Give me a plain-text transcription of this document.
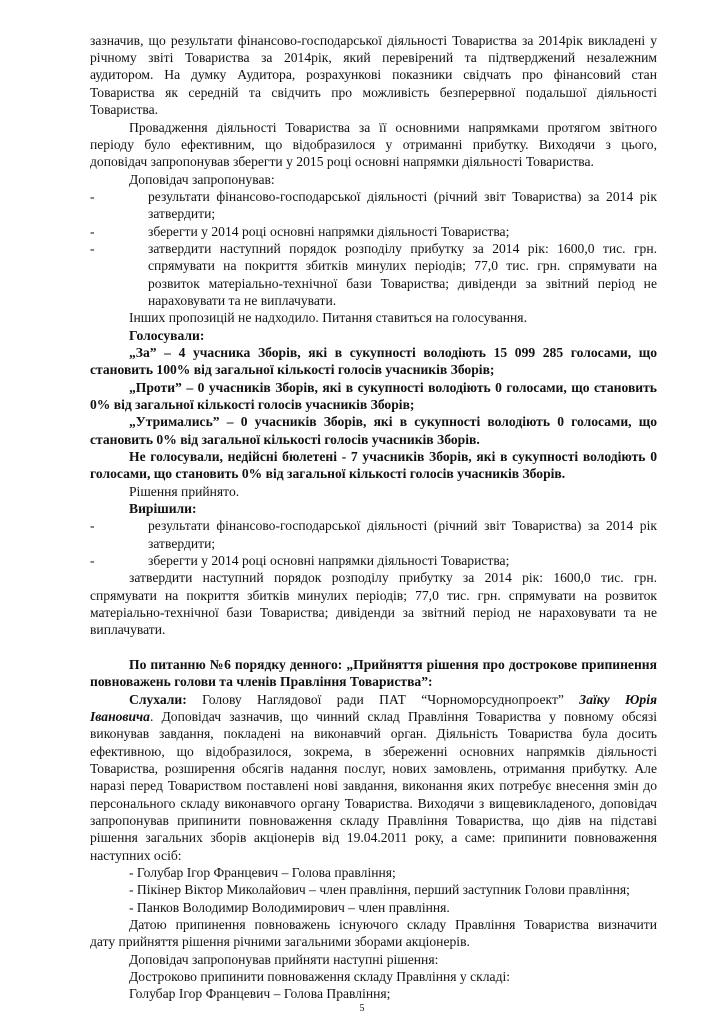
зазначив, що результати фінансово-господарської діяльності Товариства за 2014рік викладені у

річному звіті Товариства за 2014рік, який перевірений та підтверджений незалежним

аудитором. На думку Аудитора, розрахункові показники свідчать про фінансовий стан

Товариства як середній та свідчить про можливість безперервної подальшої діяльності

Товариства.

Провадження діяльності Товариства за її основними напрямками протягом звітного

періоду було ефективним, що відобразилося у отриманні прибутку. Виходячи з цього,

доповідач запропонував зберегти у 2015 році основні напрямки діяльності Товариства.

Доповідач запропонував:

-	результати фінансово-господарської діяльності (річний звіт Товариства) за 2014 рік

затвердити;

-	зберегти у 2014 році основні напрямки діяльності Товариства;

-	затвердити наступний порядок розподілу прибутку за 2014 рік: 1600,0 тис. грн.

спрямувати на покриття збитків минулих періодів; 77,0 тис. грн. спрямувати на

розвиток матеріально-технічної бази Товариства; дивіденди за звітний період не

нараховувати та не виплачувати.

Інших пропозицій не надходило. Питання ставиться на голосування.

Голосували:

„За” – 4 учасника Зборів, які в сукупності володіють 15 099 285 голосами, що

становить 100% від загальної кількості голосів учасників Зборів;

„Проти” – 0 учасників Зборів, які в сукупності володіють 0 голосами, що становить

0% від загальної кількості голосів учасників Зборів;

„Утримались” – 0 учасників Зборів, які в сукупності володіють 0 голосами, що

становить 0% від загальної кількості голосів учасників Зборів.

Не голосували, недійсні бюлетені - 7 учасників Зборів, які в сукупності володіють 0

голосами, що становить 0% від загальної кількості голосів учасників Зборів.

Рішення прийнято.

Вирішили:

-	результати фінансово-господарської діяльності (річний звіт Товариства) за 2014 рік

затвердити;

-	зберегти у 2014 році основні напрямки діяльності Товариства;

затвердити наступний порядок розподілу прибутку за 2014 рік: 1600,0 тис. грн.

спрямувати на покриття збитків минулих періодів; 77,0 тис. грн. спрямувати на розвиток

матеріально-технічної бази Товариства; дивіденди за звітний період не нараховувати та не

виплачувати.

По питанню №6 порядку денного: „Прийняття рішення про дострокове припинення

повноважень голови та членів Правління Товариства”:

Слухали: Голову Наглядової ради ПАТ “Чорноморсуднопроект” Заїку Юрія

Івановича. Доповідач зазначив, що чинний склад Правління Товариства у повному обсязі

виконував завдання, покладені на виконавчий орган. Діяльність Товариства була досить

ефективною, що відобразилося, зокрема, в збереженні основних напрямків діяльності

Товариства, розширення обсягів надання послуг, нових замовлень, отримання прибутку. Але

наразі перед Товариством поставлені нові завдання, виконання яких потребує внесення змін до

персонального складу виконавчого органу Товариства. Виходячи з вищевикладеного, доповідач

запропонував припинити повноваження складу Правління Товариства, що діяв на підставі

рішення загальних зборів акціонерів від 19.04.2011 року, а саме: припинити повноваження

наступних осіб:

- Голубар Ігор Францевич – Голова правління;

- Пікінер Віктор Миколайович – член правління, перший заступник Голови правління;

- Панков Володимир Володимирович – член правління.

Датою припинення повноважень існуючого складу Правління Товариства визначити

дату прийняття рішення річними загальними зборами акціонерів.

Доповідач запропонував прийняти наступні рішення:

Достроково припинити повноваження складу Правління у складі:

Голубар Ігор Францевич – Голова Правління;

5
